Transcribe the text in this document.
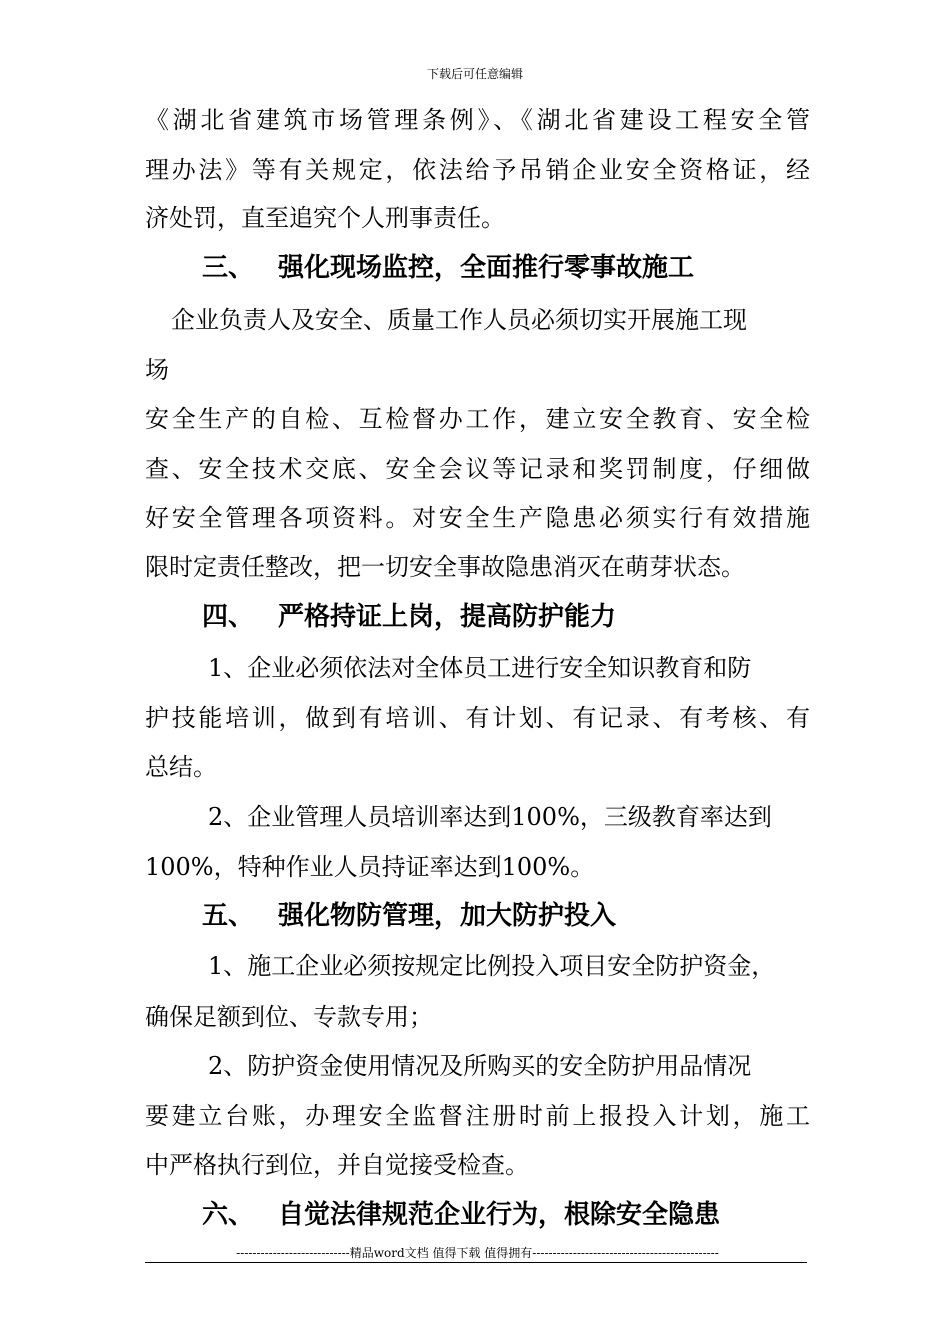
下载后可任意编辑
《湖北省建筑市场管理条例》、《湖北省建设工程安全管
理办法》等有关规定，依法给予吊销企业安全资格证，经
济处罚，直至追究个人刑事责任。
三、 强化现场监控，全面推行零事故施工
企业负责人及安全、质量工作人员必须切实开展施工现
场
安全生产的自检、互检督办工作，建立安全教育、安全检
查、安全技术交底、安全会议等记录和奖罚制度，仔细做
好安全管理各项资料。对安全生产隐患必须实行有效措施
限时定责任整改，把一切安全事故隐患消灭在萌芽状态。
四、 严格持证上岗，提高防护能力
1、企业必须依法对全体员工进行安全知识教育和防
护技能培训，做到有培训、有计划、有记录、有考核、有
总结。
2、企业管理人员培训率达到100%，三级教育率达到
100%，特种作业人员持证率达到100%。
五、 强化物防管理，加大防护投入
1、施工企业必须按规定比例投入项目安全防护资金，
确保足额到位、专款专用；
2、防护资金使用情况及所购买的安全防护用品情况
要建立台账，办理安全监督注册时前上报投入计划，施工
中严格执行到位，并自觉接受检查。
六、 自觉法律规范企业行为，根除安全隐患
----------------------------精品word文档 值得下载 值得拥有----------------------------------------------
